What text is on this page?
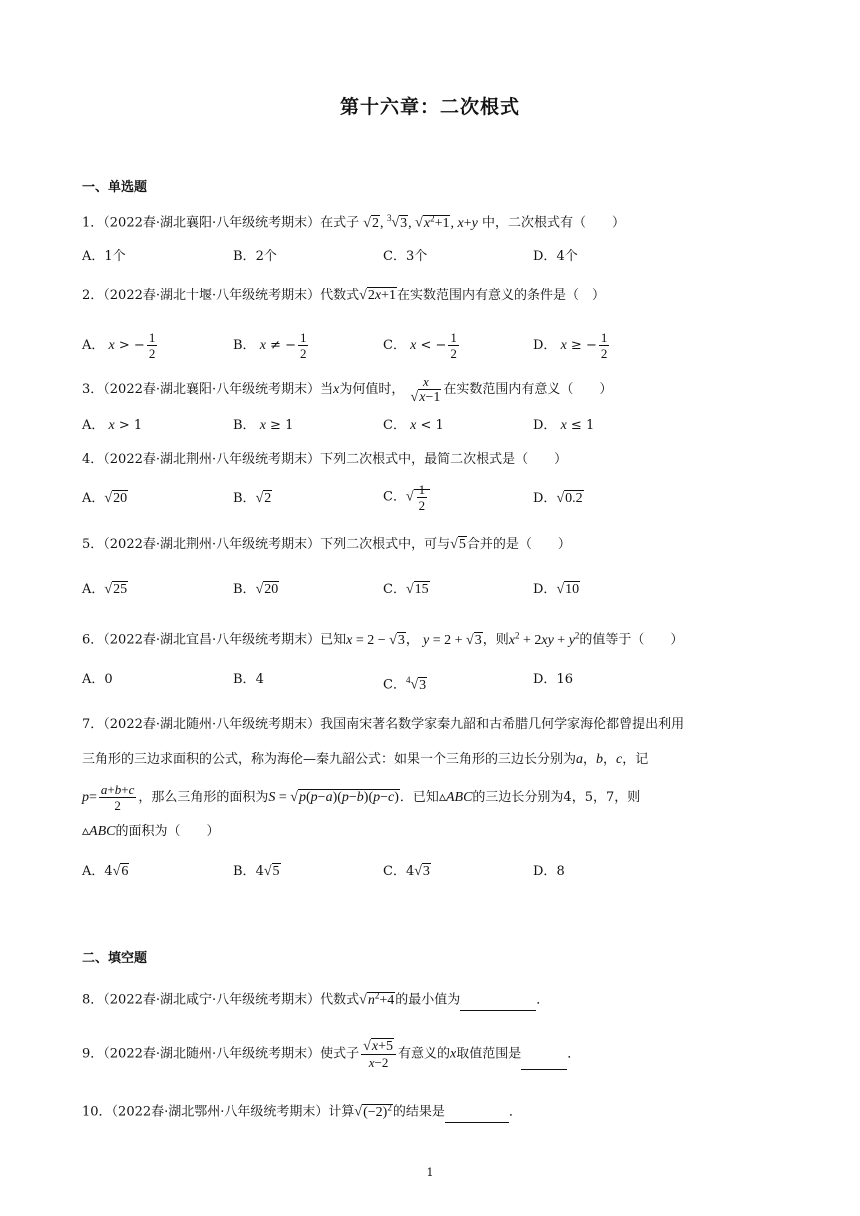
第十六章：二次根式
一、单选题
1．（2022春·湖北襄阳·八年级统考期末）在式子 √2, $^3$√3, $√x^2+1$, x+y 中，二次根式有（　　）
A．1个	B．2个	C．3个	D．4个
2．（2022春·湖北十堰·八年级统考期末）代数式√2x+1在实数范围内有意义的条件是（　）
A． x > − $\frac{1}{2}$	B． x ≠ − $\frac{1}{2}$	C． x < − $\frac{1}{2}$	D． x ≥ − $\frac{1}{2}$
3．（2022春·湖北襄阳·八年级统考期末）当x为何值时， $\frac{x}{√x-1}$ 在实数范围内有意义（　　）
A． x > 1	B． x ≥ 1	C． x < 1	D． x ≤ 1
4．（2022春·湖北荆州·八年级统考期末）下列二次根式中，最简二次根式是（　　）
A．√20	B．√2	C．√ $\frac{1}{2}$	D．√0.2
5．（2022春·湖北荆州·八年级统考期末）下列二次根式中，可与√5合并的是（　　）
A．√25	B．√20	C．√15	D．√10
6．（2022春·湖北宜昌·八年级统考期末）已知x = 2 − √3， y = 2 + √3，则$x^2 + 2xy + y^2$的值等于（　　）
A．0	B．4	C．$^4$√3	D．16
7．（2022春·湖北随州·八年级统考期末）我国南宋著名数学家秦九韶和古希腊几何学家海伦都曾提出利用
三角形的三边求面积的公式，称为海伦—秦九韶公式：如果一个三角形的三边长分别为a，b，c，记
$p= \frac{a+b+c}{2}$ ，那么三角形的面积为S = √p(p−a)(p−b)(p−c)．已知▵ABC的三边长分别为4，5，7，则
▵ABC的面积为（　　）
A．4√6	B．4√5	C．4√3	D．8
二、填空题
8．（2022春·湖北咸宁·八年级统考期末）代数式$√n^2+4$的最小值为	．
9．（2022春·湖北随州·八年级统考期末）使式子 $\frac{√x+5}{x-2}$ 有意义的x取值范围是	．
10．（2022春·湖北鄂州·八年级统考期末）计算$√(-2)^2$的结果是	．
1
